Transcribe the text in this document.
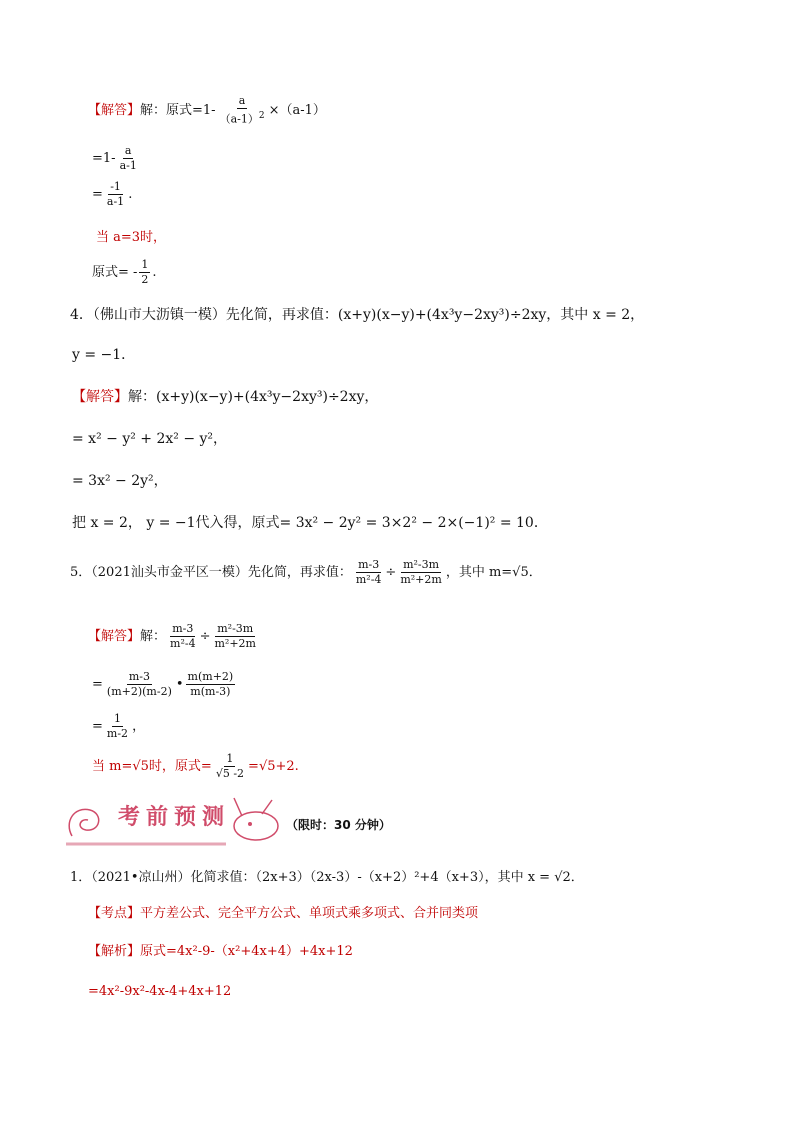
【解答】解：原式$=1- \frac{a}{(a-1)^2} \times(a-1)$
$=1- \frac{a}{a-1}$
= $\frac{-1}{a-1}$ .
当 a=3时，
原式= - $\frac{1}{2}$ .
4．（佛山市大沥镇一模）先化简，再求值：(x+y)(x−y)+(4x³y−2xy³)÷2xy，其中 x = 2，
y = −1．
【解答】解：(x+y)(x−y)+(4x³y−2xy³)÷2xy，
= x² − y² + 2x² − y²，
= 3x² − 2y²，
把 x = 2， y = −1代入得，原式= 3x² − 2y² = 3×2² − 2×(−1)² = 10．
5．（2021汕头市金平区一模）先化简，再求值： $\frac{m-3}{\text{m²-4}} \div \frac{\text{m²-3m}}{\text{m²+2m}}$ ，其中 m=√5．
【解答】解： $\frac{m-3}{\text{m²-4}} \div \frac{\text{m²-3m}}{\text{m²+2m}}$
= $\frac{m-3}{(m+2)(m-2)}$ • $\frac{m(m+2)}{m(m-3)}$
= $\frac{1}{m-2}$ ，
当 m=√5时，原式= $\frac{1}{√5 -2} =√5+2$.
考前预测	（限时：30 分钟）
1．（2021•凉山州）化简求值：（2x+3）（2x-3）-（x+2）²+4（x+3），其中 x = √2．
【考点】平方差公式、完全平方公式、单项式乘多项式、合并同类项
【解析】原式=4x²-9-（x²+4x+4）+4x+12
=4x²-9x²-4x-4+4x+12
